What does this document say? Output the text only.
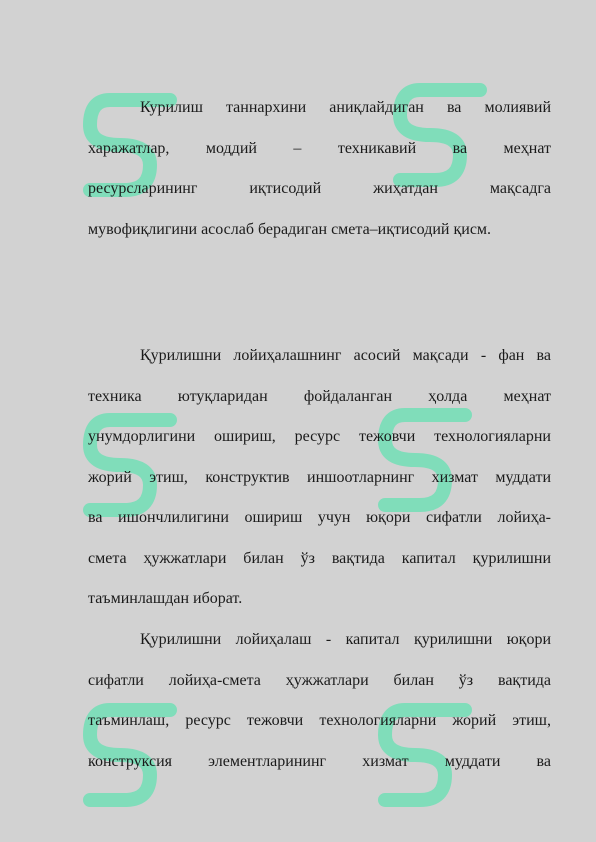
Курилиш таннархини аниқлайдиган ва молиявий
харажатлар, моддий – техникавий ва меҳнат
ресурсларининг иқтисодий жиҳатдан мақсадга
мувофиқлигини асослаб берадиган смета–иқтисодий қисм.

Қурилишни лойиҳалашнинг асосий мақсади - фан ва
техника ютуқларидан фойдаланган ҳолда меҳнат
унумдорлигини ошириш, ресурс тежовчи технологияларни
жорий этиш, конструктив иншоотларнинг хизмат муддати
ва ишончлилигини ошириш учун юқори сифатли лойиҳа-
смета ҳужжатлари билан ўз вақтида капитал қурилишни
таъминлашдан иборат.

Қурилишни лойиҳалаш - капитал қурилишни юқори
сифатли лойиҳа-смета ҳужжатлари билан ўз вақтида
таъминлаш, ресурс тежовчи технологияларни жорий этиш,
конструксия элементларининг хизмат муддати ва
